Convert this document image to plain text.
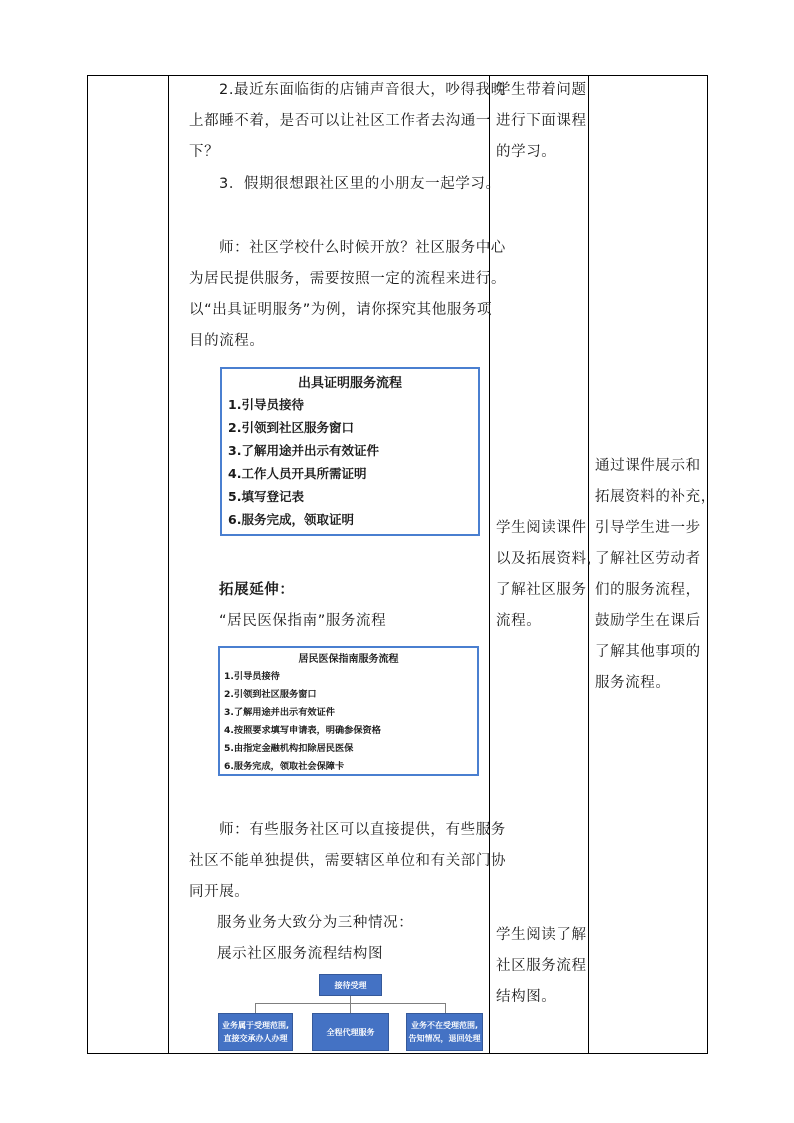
2.最近东面临街的店铺声音很大，吵得我晚
上都睡不着，是否可以让社区工作者去沟通一
下？
3．假期很想跟社区里的小朋友一起学习。
师：社区学校什么时候开放？社区服务中心
为居民提供服务，需要按照一定的流程来进行。
以“出具证明服务”为例，请你探究其他服务项
目的流程。
出具证明服务流程
1.引导员接待
2.引领到社区服务窗口
3.了解用途并出示有效证件
4.工作人员开具所需证明
5.填写登记表
6.服务完成，领取证明
拓展延伸：
“居民医保指南”服务流程
居民医保指南服务流程
1.引导员接待
2.引领到社区服务窗口
3.了解用途并出示有效证件
4.按照要求填写申请表，明确参保资格
5.由指定金融机构扣除居民医保
6.服务完成，领取社会保障卡
师：有些服务社区可以直接提供，有些服务
社区不能单独提供，需要辖区单位和有关部门协
同开展。
服务业务大致分为三种情况：
展示社区服务流程结构图
接待受理
业务属于受理范围,
直接交承办人办理
全程代理服务
业务不在受理范围,
告知情况，退回处理
学生带着问题
进行下面课程
的学习。
学生阅读课件
以及拓展资料，
了解社区服务
流程。
学生阅读了解
社区服务流程
结构图。
通过课件展示和
拓展资料的补充，
引导学生进一步
了解社区劳动者
们的服务流程，
鼓励学生在课后
了解其他事项的
服务流程。
